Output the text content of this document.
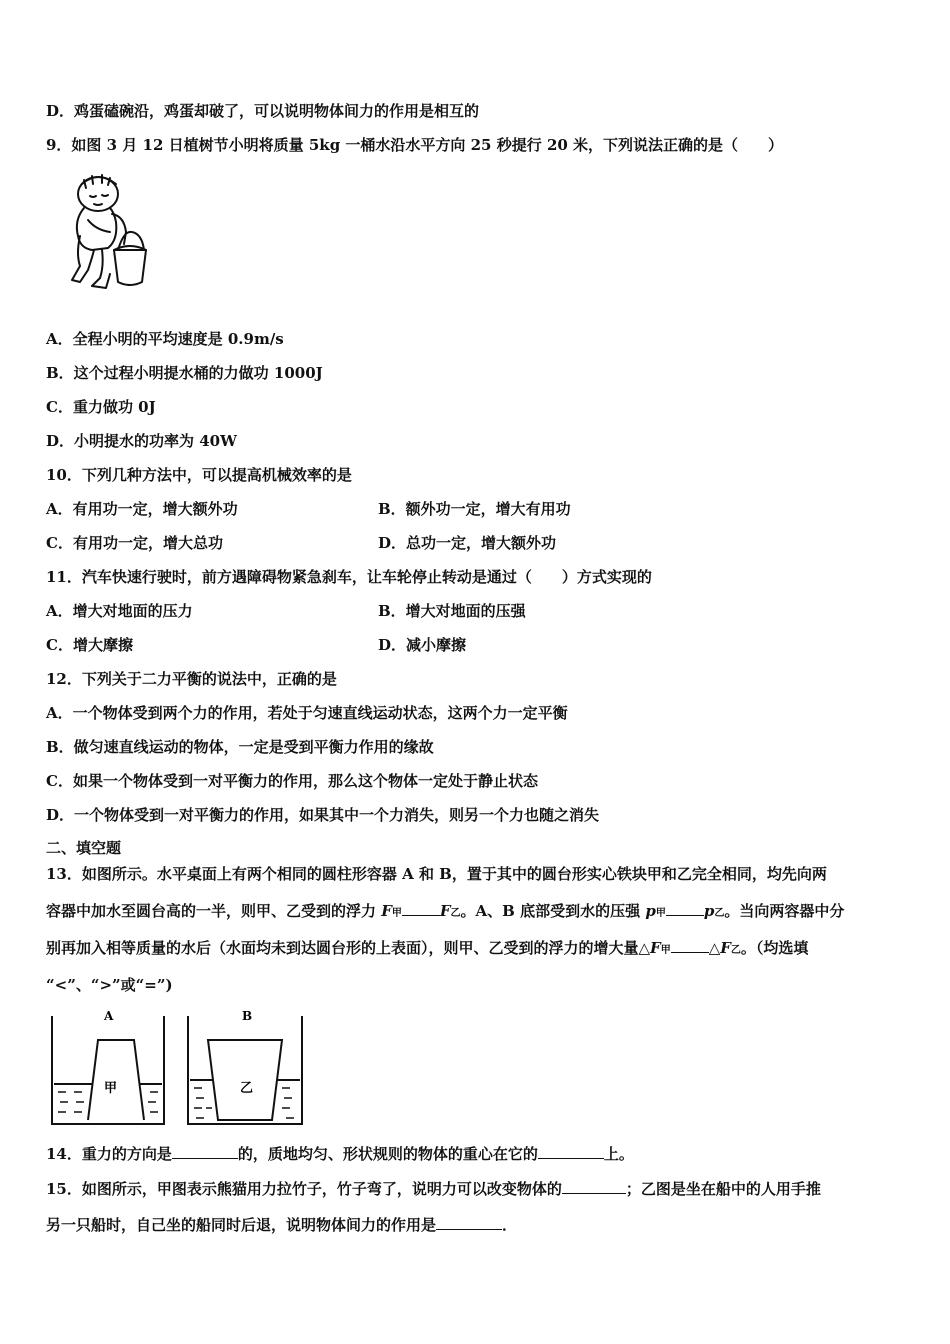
D．鸡蛋磕碗沿，鸡蛋却破了，可以说明物体间力的作用是相互的
9．如图 3 月 12 日植树节小明将质量 5kg 一桶水沿水平方向 25 秒提行 20 米，下列说法正确的是（　　）
A．全程小明的平均速度是 0.9m/s
B．这个过程小明提水桶的力做功 1000J
C．重力做功 0J
D．小明提水的功率为 40W
10．下列几种方法中，可以提高机械效率的是
A．有用功一定，增大额外功	B．额外功一定，增大有用功
C．有用功一定，增大总功	D．总功一定，增大额外功
11．汽车快速行驶时，前方遇障碍物紧急刹车，让车轮停止转动是通过（　　）方式实现的
A．增大对地面的压力	B．增大对地面的压强
C．增大摩擦	D．减小摩擦
12．下列关于二力平衡的说法中，正确的是
A．一个物体受到两个力的作用，若处于匀速直线运动状态，这两个力一定平衡
B．做匀速直线运动的物体，一定是受到平衡力作用的缘故
C．如果一个物体受到一对平衡力的作用，那么这个物体一定处于静止状态
D．一个物体受到一对平衡力的作用，如果其中一个力消失，则另一个力也随之消失
二、填空题
13．如图所示。水平桌面上有两个相同的圆柱形容器 A 和 B，置于其中的圆台形实心铁块甲和乙完全相同，均先向两
容器中加水至圆台高的一半，则甲、乙受到的浮力 F甲	F乙。A、B 底部受到水的压强 p甲	p乙。当向两容器中分
别再加入相等质量的水后（水面均未到达圆台形的上表面），则甲、乙受到的浮力的增大量△F甲	△F乙。（均选填
“<”、“>”或“=”)
A	B
甲	乙
14．重力的方向是	的，质地均匀、形状规则的物体的重心在它的	上。
15．如图所示，甲图表示熊猫用力拉竹子，竹子弯了，说明力可以改变物体的	；乙图是坐在船中的人用手推
另一只船时，自己坐的船同时后退，说明物体间力的作用是	．
